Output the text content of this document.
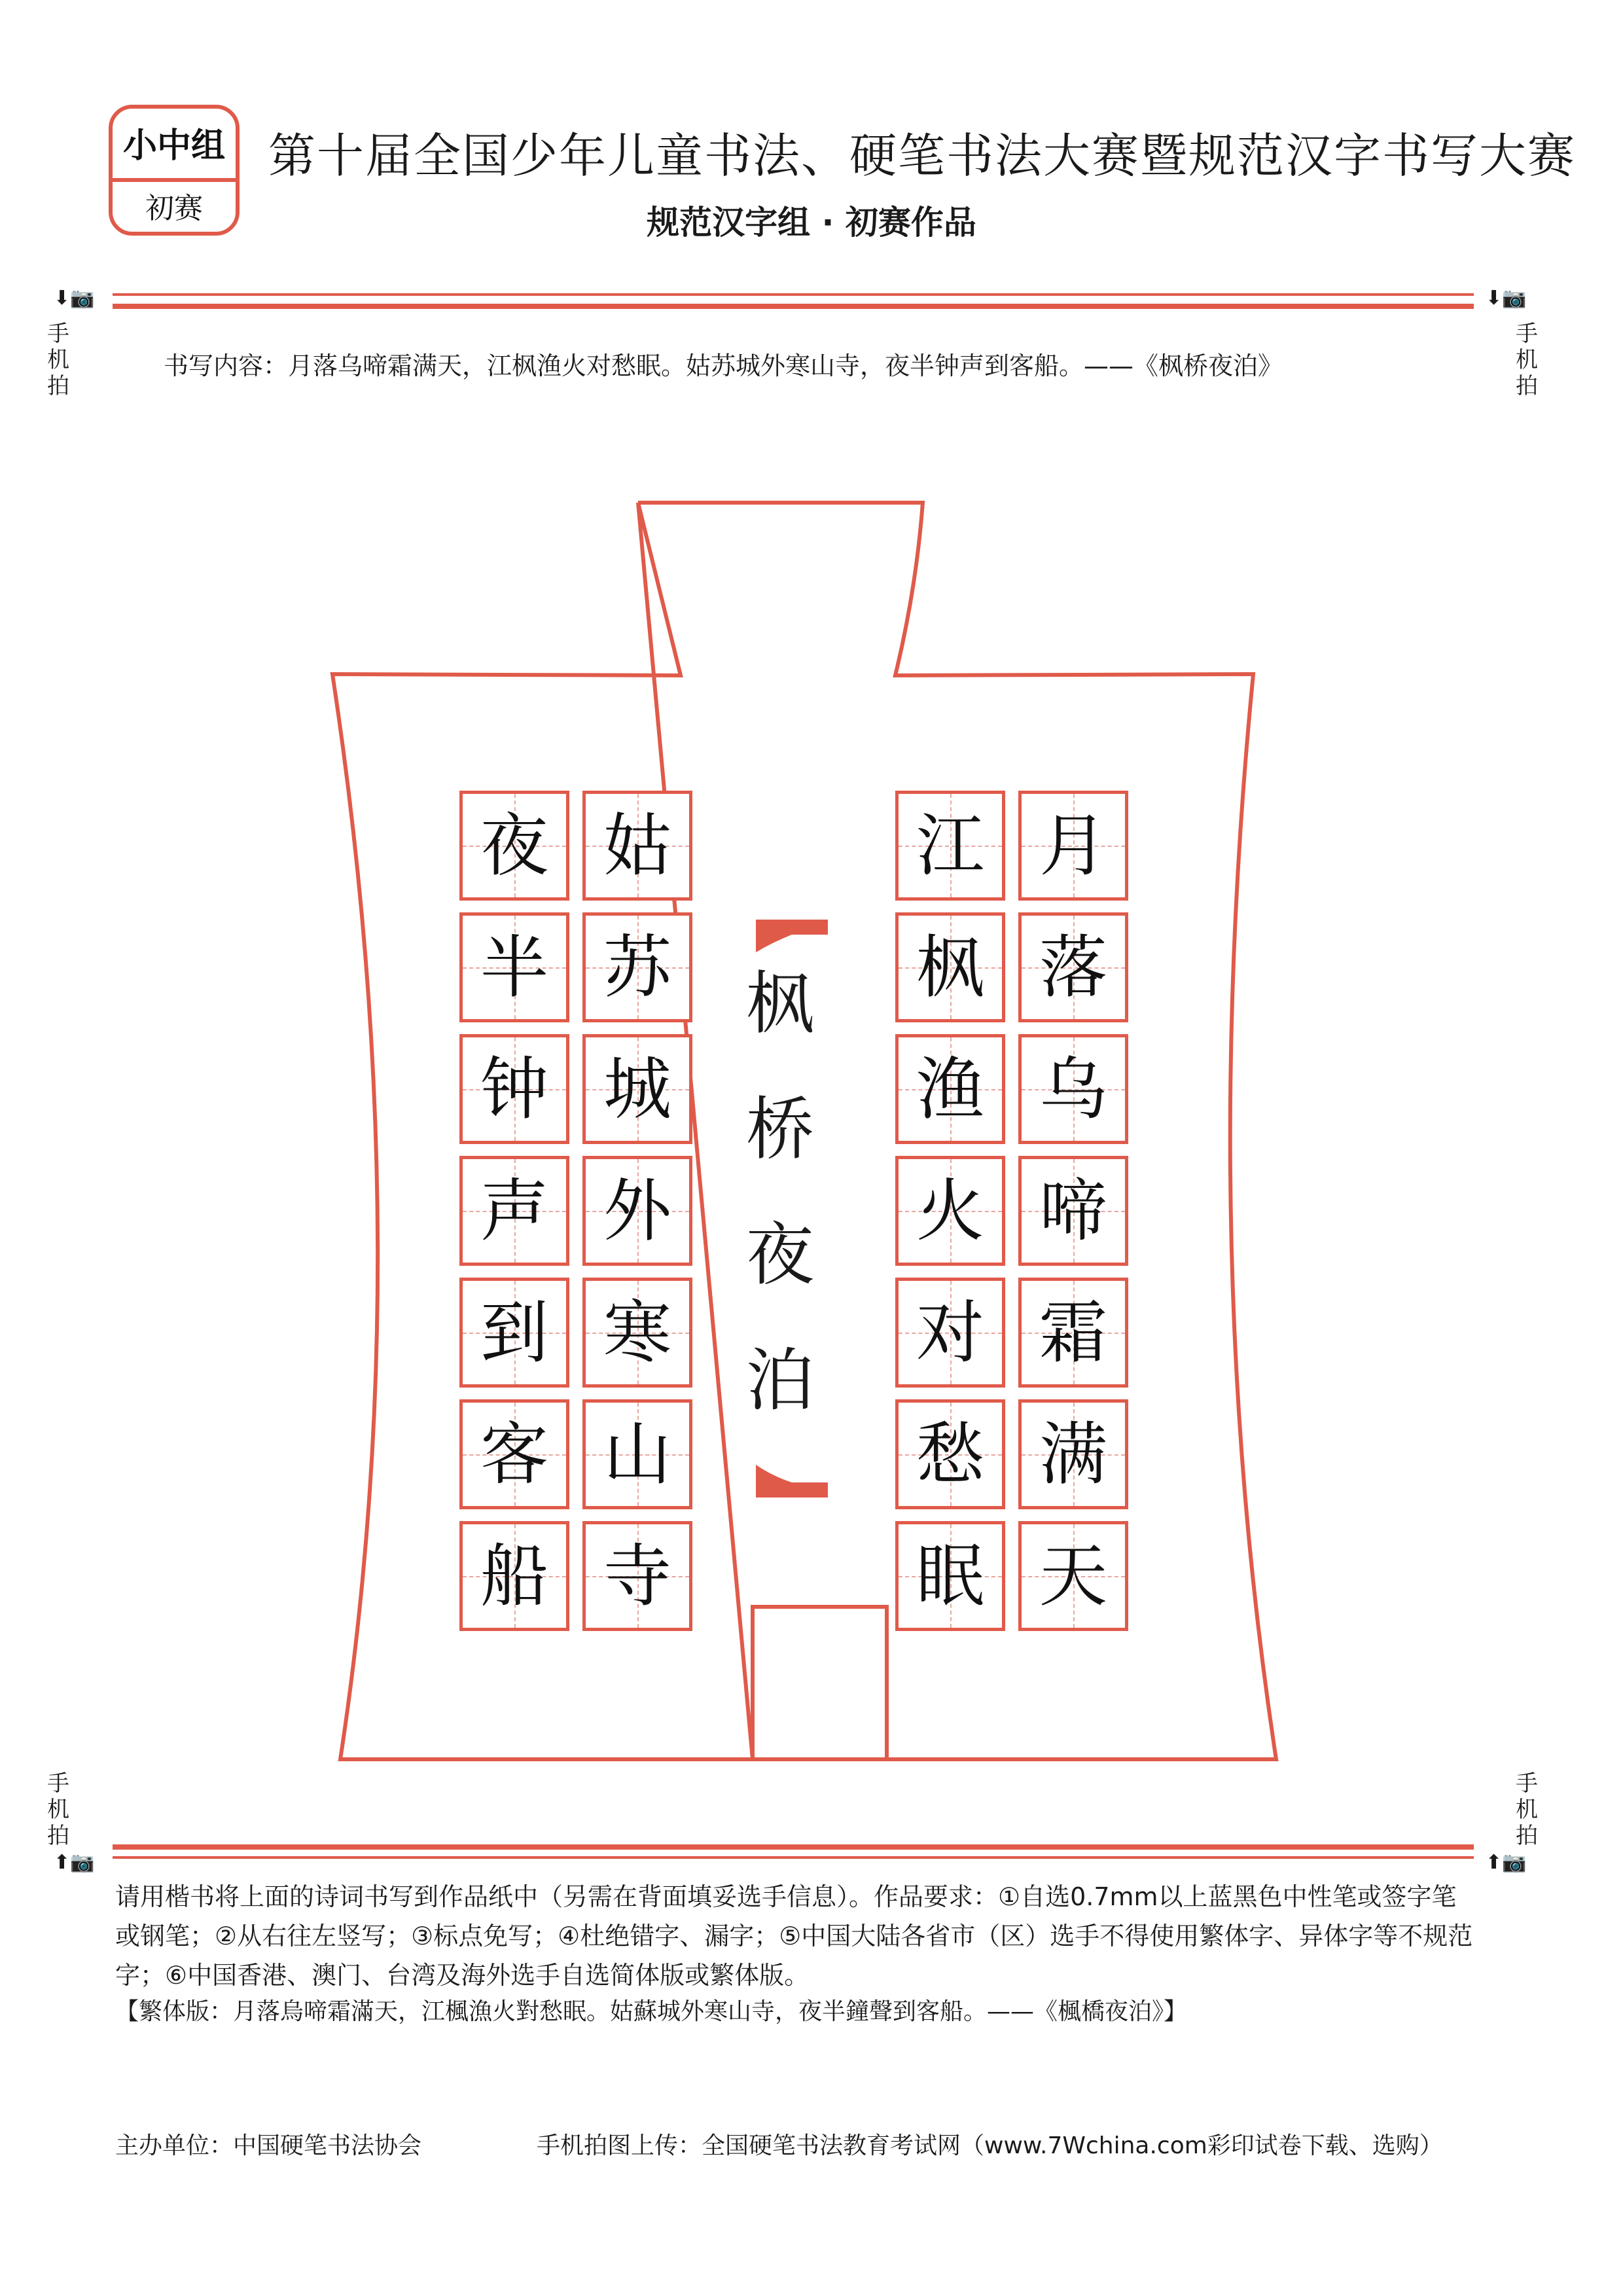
小中组
初赛
第十届全国少年儿童书法、硬笔书法大赛暨规范汉字书写大赛
规范汉字组 · 初赛作品
⬇📷	⬇📷
手机拍
手机拍
书写内容：月落乌啼霜满天，江枫渔火对愁眠。姑苏城外寒山寺，夜半钟声到客船。——《枫桥夜泊》
月
落
乌
啼
霜
满
天
江
枫
渔
火
对
愁
眠
姑
苏
城
外
寒
山
寺
夜
半
钟
声
到
客
船
枫
桥
夜
泊
手机拍
手机拍
⬆📷	⬆📷
请用楷书将上面的诗词书写到作品纸中（另需在背面填妥选手信息）。作品要求：①自选0.7mm以上蓝黑色中性笔或签字笔或钢笔；②从右往左竖写；③标点免写；④杜绝错字、漏字；⑤中国大陆各省市（区）选手不得使用繁体字、异体字等不规范字；⑥中国香港、澳门、台湾及海外选手自选简体版或繁体版。
【繁体版：月落烏啼霜滿天，江楓漁火對愁眠。姑蘇城外寒山寺，夜半鐘聲到客船。——《楓橋夜泊》】
主办单位：中国硬笔书法协会	手机拍图上传：全国硬笔书法教育考试网（www.7Wchina.com彩印试卷下载、选购）
